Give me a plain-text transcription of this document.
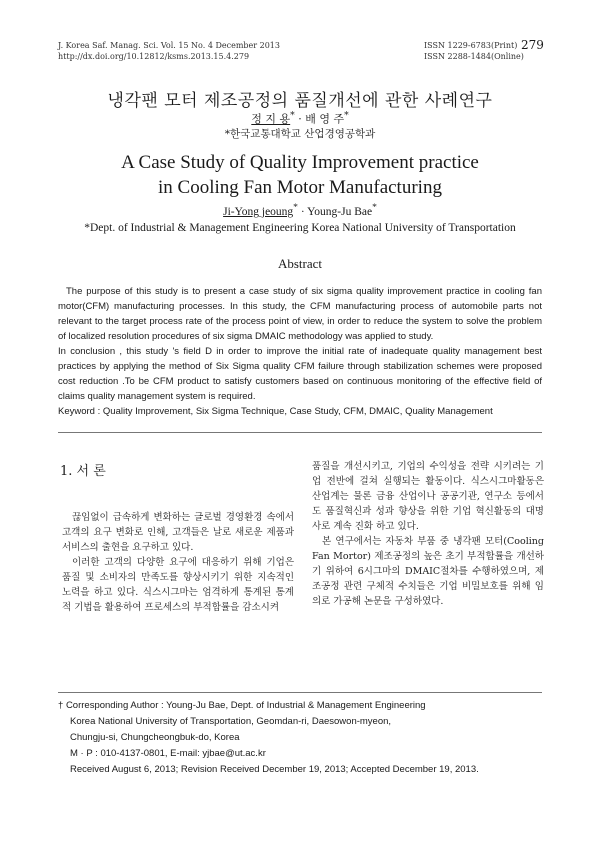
J. Korea Saf. Manag. Sci. Vol. 15 No. 4 December 2013
http://dx.doi.org/10.12812/ksms.2013.15.4.279
ISSN 1229-6783(Print)
ISSN 2288-1484(Online)
279
냉각팬 모터 제조공정의 품질개선에 관한 사례연구
정 지 용* · 배 영 주*
*한국교통대학교 산업경영공학과
A Case Study of Quality Improvement practice
in Cooling Fan Motor Manufacturing
Ji-Yong jeoung* · Young-Ju Bae*
*Dept. of Industrial & Management Engineering Korea National University of Transportation
Abstract

The purpose of this study is to present a case study of six sigma quality improvement practice in cooling fan motor(CFM) manufacturing processes. In this study, the CFM manufacturing process of automobile parts not relevant to the target process rate of the process point of view, in order to reduce the system to solve the problem of localized resolution procedures of six sigma DMAIC methodology was applied to study.

In conclusion , this study 's field D in order to improve the initial rate of inadequate quality management best practices by applying the method of Six Sigma quality CFM failure through stabilization schemes were proposed cost reduction .To be CFM product to satisfy customers based on continuous monitoring of the effective field of claims quality management system is required.

Keyword : Quality Improvement, Six Sigma Technique, Case Study, CFM, DMAIC, Quality Management

1. 서 론

끊임없이 급속하게 변화하는 글로벌 경영환경 속에서 고객의 요구 변화로 인해, 고객들은 날로 새로운 제품과 서비스의 출현을 요구하고 있다.

이러한 고객의 다양한 요구에 대응하기 위해 기업은 품질 및 소비자의 만족도를 향상시키기 위한 지속적인 노력을 하고 있다. 식스시그마는 엄격하게 통계된 통계적 기법을 활용하여 프로세스의 부적합률을 감소시켜

품질을 개선시키고, 기업의 수익성을 전략 시키려는 기업 전반에 걸쳐 실행되는 활동이다. 식스시그마활동은 산업계는 물론 금융 산업이나 공공기관, 연구소 등에서도 품질혁신과 성과 향상을 위한 기업 혁신활동의 대명사로 계속 진화 하고 있다.

본 연구에서는 자동차 부품 중 냉각팬 모터(Cooling Fan Mortor) 제조공정의 높은 초기 부적합률을 개선하기 위하여 6시그마의 DMAIC절차를 수행하였으며, 제조공정 관련 구체적 수치들은 기업 비밀보호를 위해 임의로 가공해 논문을 구성하였다.

† Corresponding Author : Young-Ju Bae, Dept. of Industrial & Management Engineering
Korea National University of Transportation, Geomdan-ri, Daesowon-myeon,
Chungju-si, Chungcheongbuk-do, Korea
M · P : 010-4137-0801, E-mail: yjbae@ut.ac.kr
Received August 6, 2013; Revision Received December 19, 2013; Accepted December 19, 2013.
